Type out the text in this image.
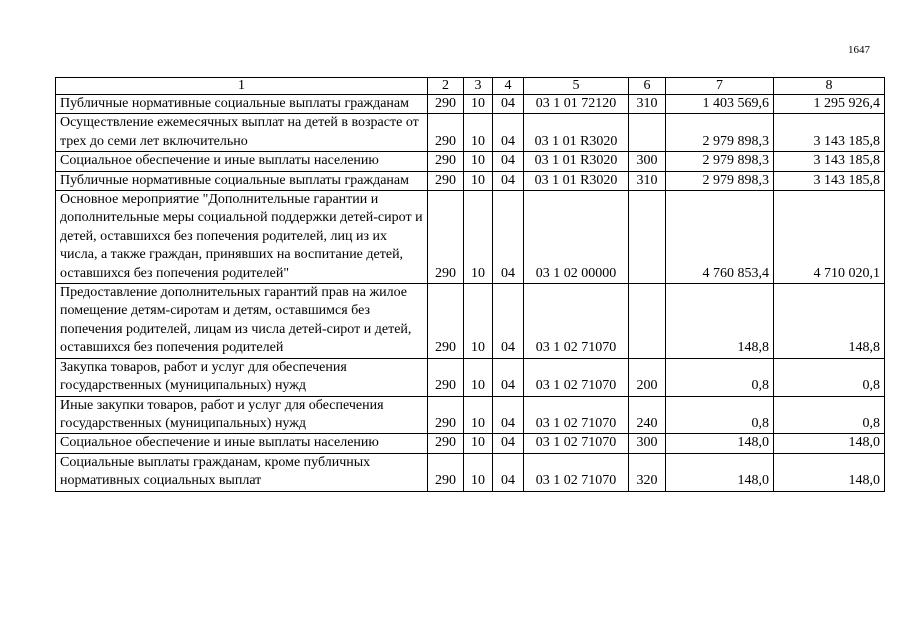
1647
1	2	3	4	5	6	7	8
Публичные нормативные социальные выплаты гражданам	290	10	04	03 1 01 72120	310	1 403 569,6	1 295 926,4
Осуществление ежемесячных выплат на детей в возрасте от трех до семи лет включительно	290	10	04	03 1 01 R3020		2 979 898,3	3 143 185,8
Социальное обеспечение и иные выплаты населению	290	10	04	03 1 01 R3020	300	2 979 898,3	3 143 185,8
Публичные нормативные социальные выплаты гражданам	290	10	04	03 1 01 R3020	310	2 979 898,3	3 143 185,8
Основное мероприятие "Дополнительные гарантии и дополнительные меры социальной поддержки детей-сирот и детей, оставшихся без попечения родителей, лиц из их числа, а также граждан, принявших на воспитание детей, оставшихся без попечения родителей"	290	10	04	03 1 02 00000		4 760 853,4	4 710 020,1
Предоставление дополнительных гарантий прав на жилое помещение детям-сиротам и детям, оставшимся без попечения родителей, лицам из числа детей-сирот и детей, оставшихся без попечения родителей	290	10	04	03 1 02 71070		148,8	148,8
Закупка товаров, работ и услуг для обеспечения государственных (муниципальных) нужд	290	10	04	03 1 02 71070	200	0,8	0,8
Иные закупки товаров, работ и услуг для обеспечения государственных (муниципальных) нужд	290	10	04	03 1 02 71070	240	0,8	0,8
Социальное обеспечение и иные выплаты населению	290	10	04	03 1 02 71070	300	148,0	148,0
Социальные выплаты гражданам, кроме публичных нормативных социальных выплат	290	10	04	03 1 02 71070	320	148,0	148,0
